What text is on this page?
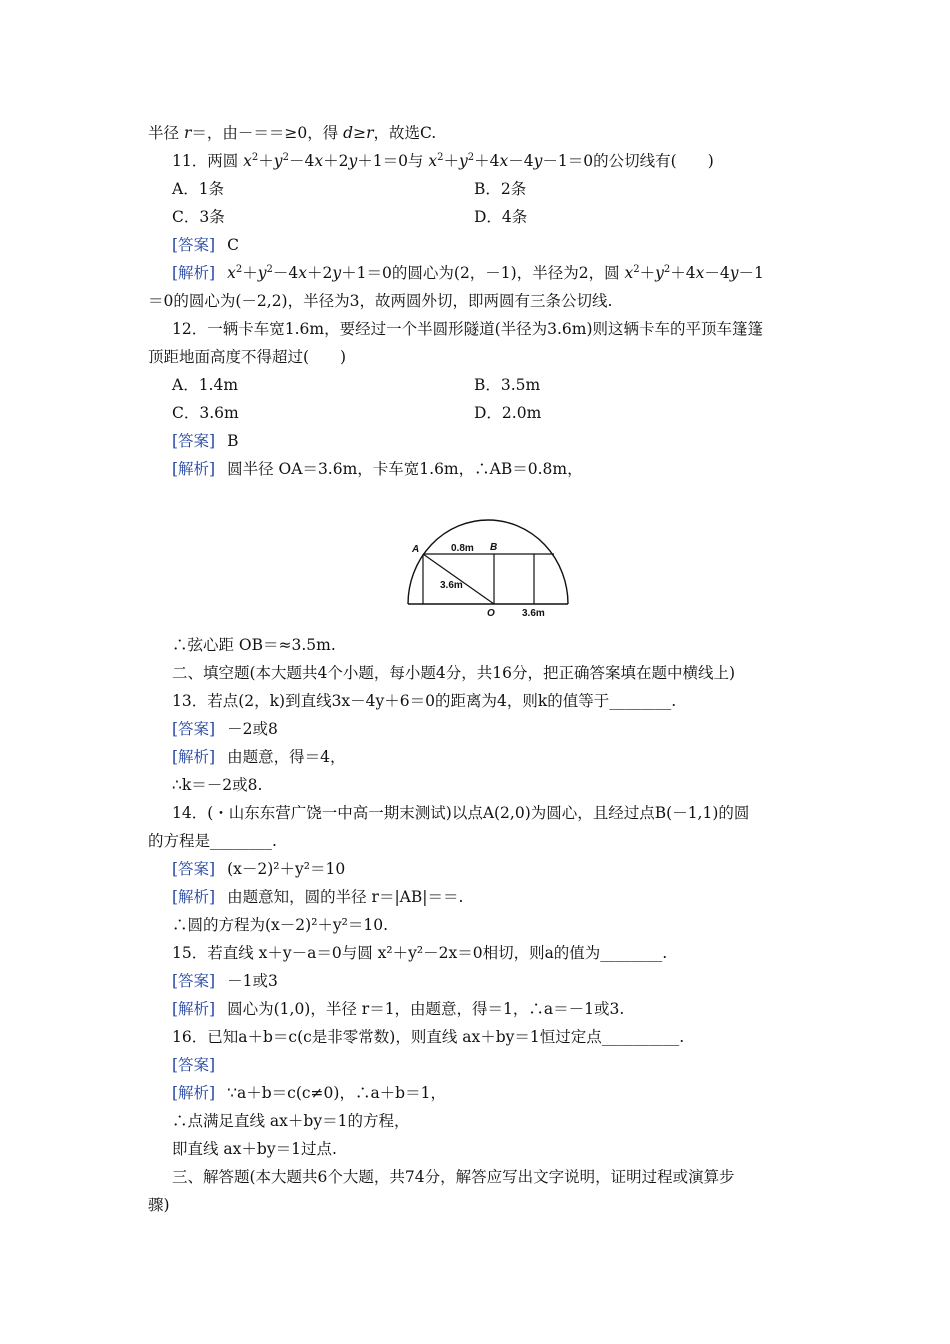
半径 r＝，由－＝＝≥0，得 d≥r，故选C.
11．两圆 $x^2+y^2-4x+2y+1=0$与 $x^2+y^2+4x-4y-1=0$的公切线有(　　)
A．1条	B．2条
C．3条	D．4条
[答案] C
[解析] $x^2+y^2-4x+2y+1=0$的圆心为(2，－1)，半径为2，圆 $x^2+y^2+4x-4y-1$
＝0的圆心为(－2,2)，半径为3，故两圆外切，即两圆有三条公切线.
12．一辆卡车宽1.6m，要经过一个半圆形隧道(半径为3.6m)则这辆卡车的平顶车篷篷
顶距地面高度不得超过(　　)
A．1.4m	B．3.5m
C．3.6m	D．2.0m
[答案] B
[解析] 圆半径 OA＝3.6m，卡车宽1.6m，∴AB＝0.8m，
A	B
O
0.8m
3.6m
3.6m
∴弦心距 OB＝≈3.5m.
二、填空题(本大题共4个小题，每小题4分，共16分，把正确答案填在题中横线上)
13．若点(2，k)到直线3x－4y＋6＝0的距离为4，则k的值等于________.
[答案] －2或8
[解析] 由题意，得＝4，
∴k＝－2或8.
14．(・山东东营广饶一中高一期末测试)以点A(2,0)为圆心，且经过点B(－1,1)的圆
的方程是________.
[答案] (x－2)²＋y²＝10
[解析] 由题意知，圆的半径 r＝|AB|＝＝.
∴圆的方程为(x－2)²＋y²＝10.
15．若直线 x＋y－a＝0与圆 x²＋y²－2x＝0相切，则a的值为________.
[答案] －1或3
[解析] 圆心为(1,0)，半径 r＝1，由题意，得＝1，∴a＝－1或3.
16．已知a＋b＝c(c是非零常数)，则直线 ax＋by＝1恒过定点__________.
[答案]
[解析] ∵a＋b＝c(c≠0)，∴a＋b＝1，
∴点满足直线 ax＋by＝1的方程，
即直线 ax＋by＝1过点.
三、解答题(本大题共6个大题，共74分，解答应写出文字说明，证明过程或演算步
骤)
